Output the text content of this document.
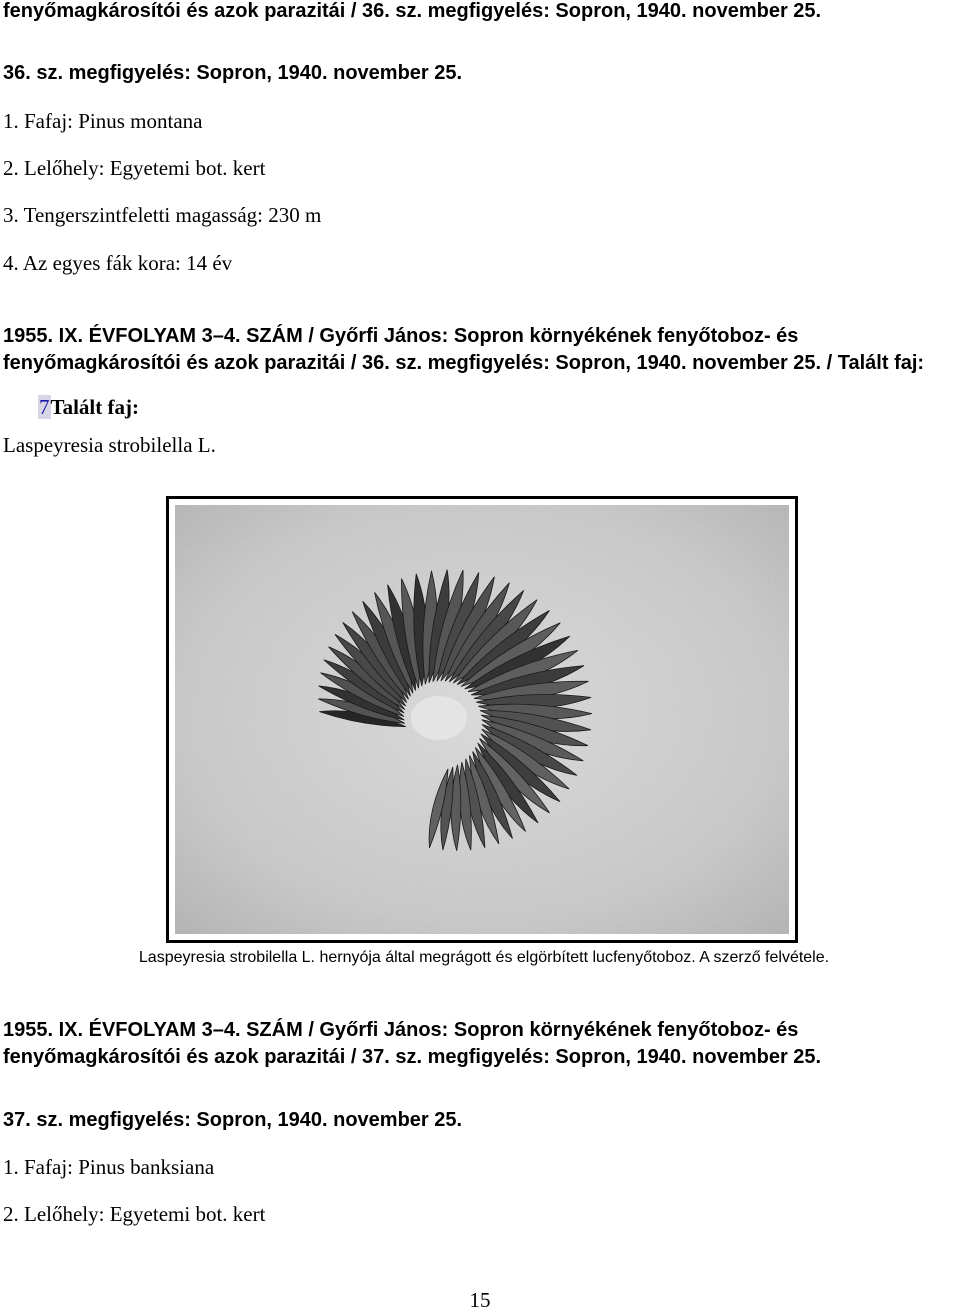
fenyőmagkárosítói és azok parazitái / 36. sz. megfigyelés: Sopron, 1940. november 25.
36. sz. megfigyelés: Sopron, 1940. november 25.
1. Fafaj: Pinus montana
2. Lelőhely: Egyetemi bot. kert
3. Tengerszintfeletti magasság: 230 m
4. Az egyes fák kora: 14 év
1955. IX. ÉVFOLYAM 3–4. SZÁM / Győrfi János: Sopron környékének fenyőtoboz- és
fenyőmagkárosítói és azok parazitái / 36. sz. megfigyelés: Sopron, 1940. november 25. / Talált faj:
7Talált faj:
Laspeyresia strobilella L.
Laspeyresia strobilella L. hernyója által megrágott és elgörbített lucfenyőtoboz. A szerző felvétele.
1955. IX. ÉVFOLYAM 3–4. SZÁM / Győrfi János: Sopron környékének fenyőtoboz- és
fenyőmagkárosítói és azok parazitái / 37. sz. megfigyelés: Sopron, 1940. november 25.
37. sz. megfigyelés: Sopron, 1940. november 25.
1. Fafaj: Pinus banksiana
2. Lelőhely: Egyetemi bot. kert
15
